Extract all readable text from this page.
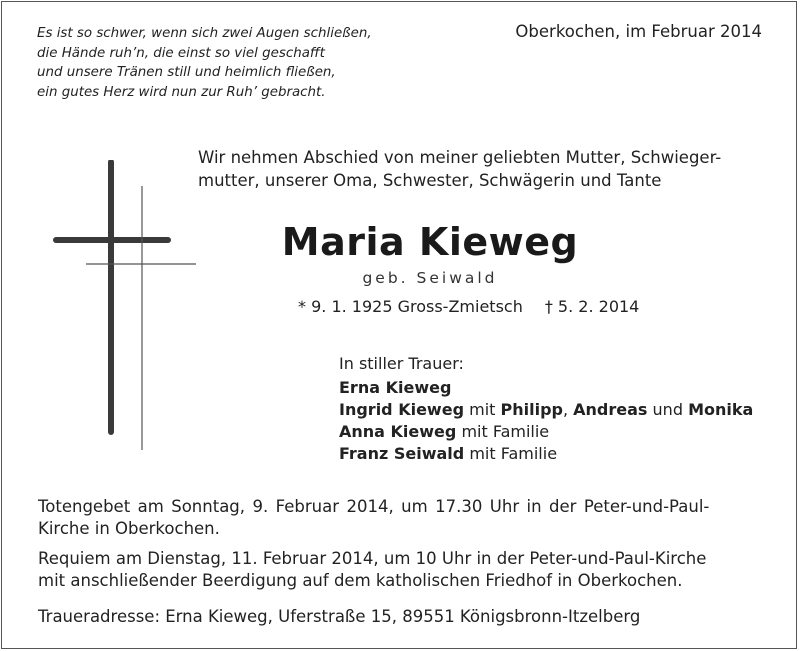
Es ist so schwer, wenn sich zwei Augen schließen,
die Hände ruh’n, die einst so viel geschafft
und unsere Tränen still und heimlich fließen,
ein gutes Herz wird nun zur Ruh’ gebracht.
Oberkochen, im Februar 2014
Wir nehmen Abschied von meiner geliebten Mutter, Schwieger-
mutter, unserer Oma, Schwester, Schwägerin und Tante
Maria Kieweg
geb. Seiwald
* 9. 1. 1925 Gross-Zmietsch † 5. 2. 2014
In stiller Trauer:
Erna Kieweg
Ingrid Kieweg mit Philipp, Andreas und Monika
Anna Kieweg mit Familie
Franz Seiwald mit Familie
Totengebet am Sonntag, 9. Februar 2014, um 17.30 Uhr in der Peter-und-Paul-
Kirche in Oberkochen.
Requiem am Dienstag, 11. Februar 2014, um 10 Uhr in der Peter-und-Paul-Kirche
mit anschließender Beerdigung auf dem katholischen Friedhof in Oberkochen.
Traueradresse: Erna Kieweg, Uferstraße 15, 89551 Königsbronn-Itzelberg
